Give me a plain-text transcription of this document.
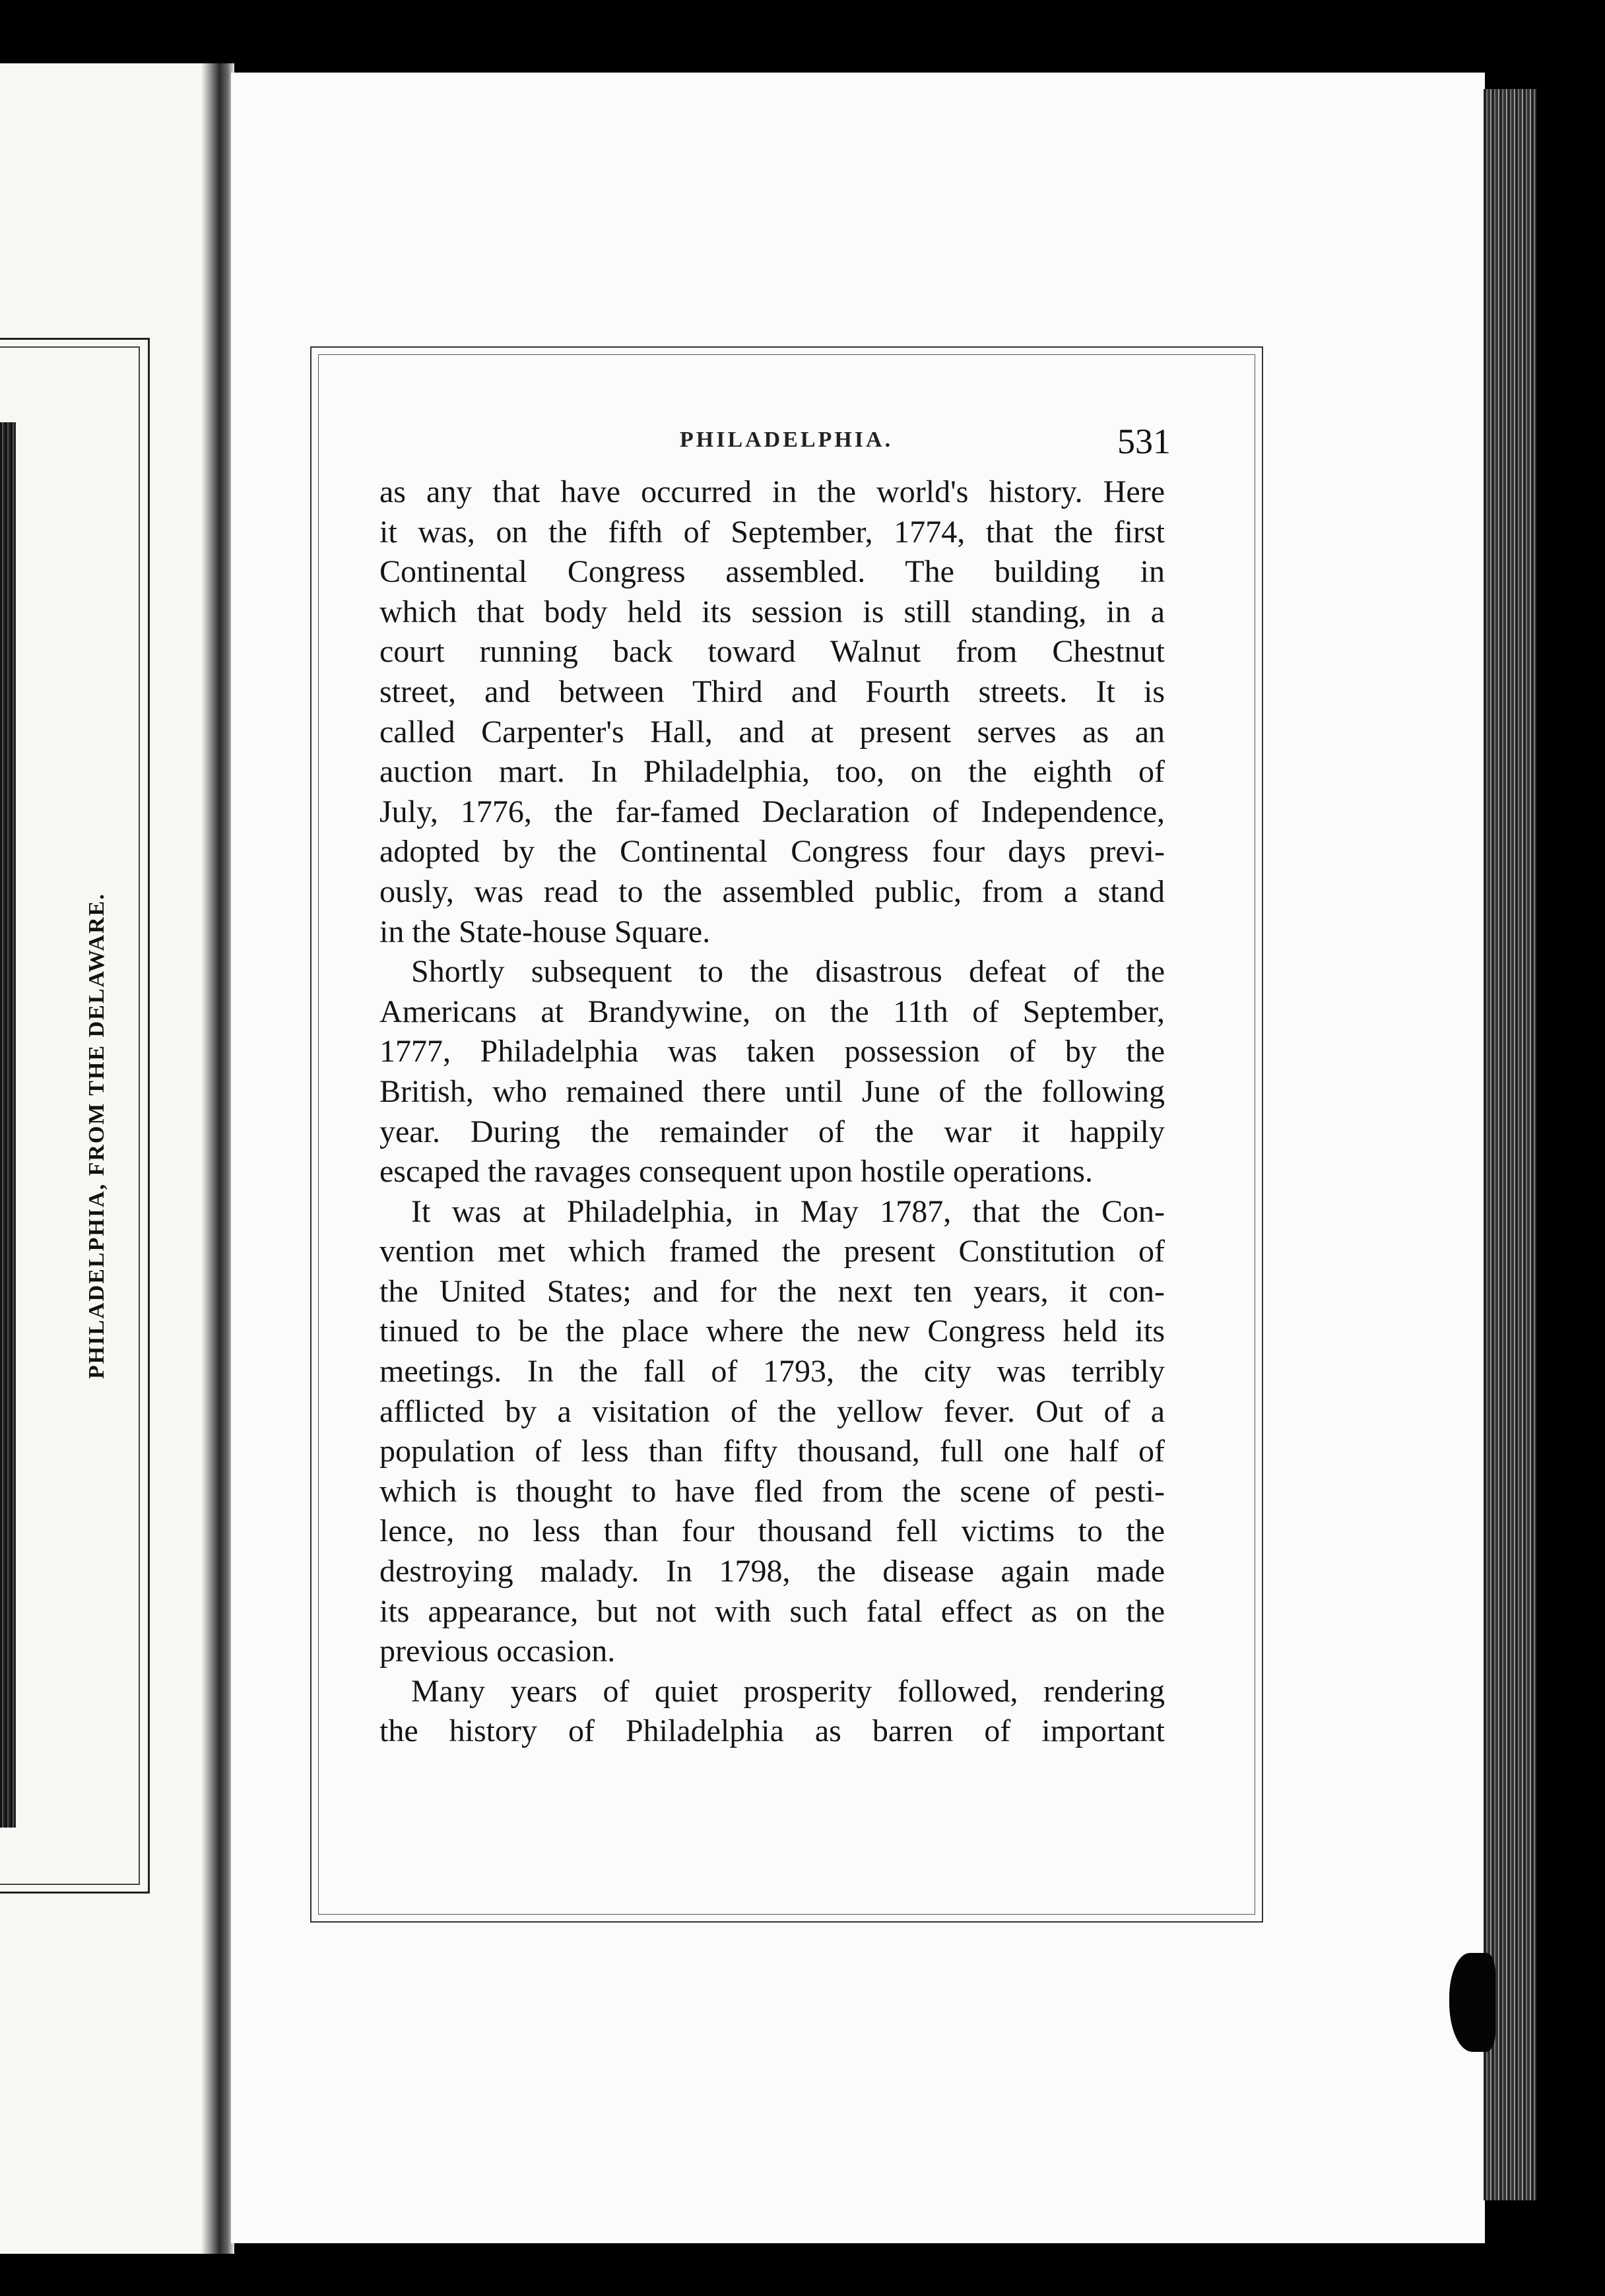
PHILADELPHIA, FROM THE DELAWARE.
PHILADELPHIA.	531
as any that have occurred in the world's history. Here
it was, on the fifth of September, 1774, that the first
Continental Congress assembled. The building in
which that body held its session is still standing, in a
court running back toward Walnut from Chestnut
street, and between Third and Fourth streets. It is
called Carpenter's Hall, and at present serves as an
auction mart. In Philadelphia, too, on the eighth of
July, 1776, the far-famed Declaration of Independence,
adopted by the Continental Congress four days previ-
ously, was read to the assembled public, from a stand
in the State-house Square.
Shortly subsequent to the disastrous defeat of the
Americans at Brandywine, on the 11th of September,
1777, Philadelphia was taken possession of by the
British, who remained there until June of the following
year. During the remainder of the war it happily
escaped the ravages consequent upon hostile operations.
It was at Philadelphia, in May 1787, that the Con-
vention met which framed the present Constitution of
the United States; and for the next ten years, it con-
tinued to be the place where the new Congress held its
meetings. In the fall of 1793, the city was terribly
afflicted by a visitation of the yellow fever. Out of a
population of less than fifty thousand, full one half of
which is thought to have fled from the scene of pesti-
lence, no less than four thousand fell victims to the
destroying malady. In 1798, the disease again made
its appearance, but not with such fatal effect as on the
previous occasion.
Many years of quiet prosperity followed, rendering
the history of Philadelphia as barren of important
